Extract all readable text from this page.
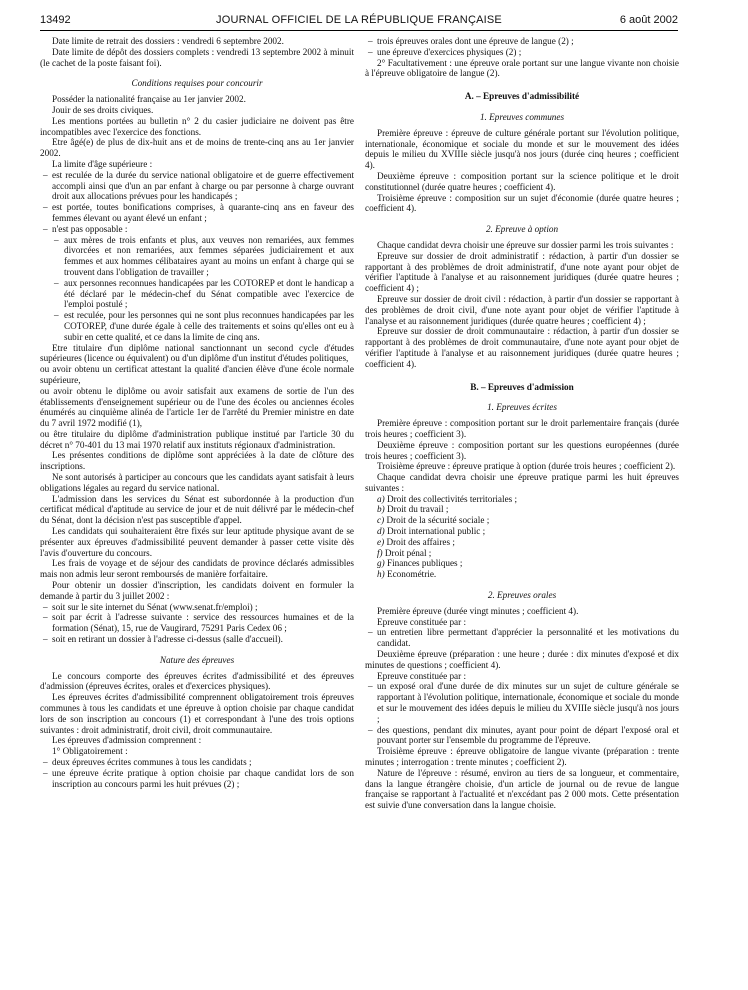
13492	JOURNAL OFFICIEL DE LA RÉPUBLIQUE FRANÇAISE	6 août 2002

Date limite de retrait des dossiers : vendredi 6 septembre 2002.

Date limite de dépôt des dossiers complets : vendredi 13 septembre 2002 à minuit (le cachet de la poste faisant foi).

Conditions requises pour concourir

Posséder la nationalité française au 1er janvier 2002.

Jouir de ses droits civiques.

Les mentions portées au bulletin n° 2 du casier judiciaire ne doivent pas être incompatibles avec l'exercice des fonctions.

Etre âgé(e) de plus de dix-huit ans et de moins de trente-cinq ans au 1er janvier 2002.

La limite d'âge supérieure :

– est reculée de la durée du service national obligatoire et de guerre effectivement accompli ainsi que d'un an par enfant à charge ou par personne à charge ouvrant droit aux allocations prévues pour les handicapés ;

– est portée, toutes bonifications comprises, à quarante-cinq ans en faveur des femmes élevant ou ayant élevé un enfant ;

– n'est pas opposable :

– aux mères de trois enfants et plus, aux veuves non remariées, aux femmes divorcées et non remariées, aux femmes séparées judiciairement et aux femmes et aux hommes célibataires ayant au moins un enfant à charge qui se trouvent dans l'obligation de travailler ;

– aux personnes reconnues handicapées par les COTOREP et dont le handicap a été déclaré par le médecin-chef du Sénat compatible avec l'exercice de l'emploi postulé ;

– est reculée, pour les personnes qui ne sont plus reconnues handicapées par les COTOREP, d'une durée égale à celle des traitements et soins qu'elles ont eu à subir en cette qualité, et ce dans la limite de cinq ans.

Etre titulaire d'un diplôme national sanctionnant un second cycle d'études supérieures (licence ou équivalent) ou d'un diplôme d'un institut d'études politiques,

ou avoir obtenu un certificat attestant la qualité d'ancien élève d'une école normale supérieure,

ou avoir obtenu le diplôme ou avoir satisfait aux examens de sortie de l'un des établissements d'enseignement supérieur ou de l'une des écoles ou anciennes écoles énumérés au cinquième alinéa de l'article 1er de l'arrêté du Premier ministre en date du 7 avril 1972 modifié (1),

ou être titulaire du diplôme d'administration publique institué par l'article 30 du décret n° 70-401 du 13 mai 1970 relatif aux instituts régionaux d'administration.

Les présentes conditions de diplôme sont appréciées à la date de clôture des inscriptions.

Ne sont autorisés à participer au concours que les candidats ayant satisfait à leurs obligations légales au regard du service national.

L'admission dans les services du Sénat est subordonnée à la production d'un certificat médical d'aptitude au service de jour et de nuit délivré par le médecin-chef du Sénat, dont la décision n'est pas susceptible d'appel.

Les candidats qui souhaiteraient être fixés sur leur aptitude physique avant de se présenter aux épreuves d'admissibilité peuvent demander à passer cette visite dès l'avis d'ouverture du concours.

Les frais de voyage et de séjour des candidats de province déclarés admissibles mais non admis leur seront remboursés de manière forfaitaire.

Pour obtenir un dossier d'inscription, les candidats doivent en formuler la demande à partir du 3 juillet 2002 :

– soit sur le site internet du Sénat (www.senat.fr/emploi) ;

– soit par écrit à l'adresse suivante : service des ressources humaines et de la formation (Sénat), 15, rue de Vaugirard, 75291 Paris Cedex 06 ;

– soit en retirant un dossier à l'adresse ci-dessus (salle d'accueil).

Nature des épreuves

Le concours comporte des épreuves écrites d'admissibilité et des épreuves d'admission (épreuves écrites, orales et d'exercices physiques).

Les épreuves écrites d'admissibilité comprennent obligatoirement trois épreuves communes à tous les candidats et une épreuve à option choisie par chaque candidat lors de son inscription au concours (1) et correspondant à l'une des trois options suivantes : droit administratif, droit civil, droit communautaire.

Les épreuves d'admission comprennent :

1° Obligatoirement :

– deux épreuves écrites communes à tous les candidats ;

– une épreuve écrite pratique à option choisie par chaque candidat lors de son inscription au concours parmi les huit prévues (2) ;

– trois épreuves orales dont une épreuve de langue (2) ;

– une épreuve d'exercices physiques (2) ;

2° Facultativement : une épreuve orale portant sur une langue vivante non choisie à l'épreuve obligatoire de langue (2).

A. – Epreuves d'admissibilité

1. Epreuves communes

Première épreuve : épreuve de culture générale portant sur l'évolution politique, internationale, économique et sociale du monde et sur le mouvement des idées depuis le milieu du XVIIIe siècle jusqu'à nos jours (durée cinq heures ; coefficient 4).

Deuxième épreuve : composition portant sur la science politique et le droit constitutionnel (durée quatre heures ; coefficient 4).

Troisième épreuve : composition sur un sujet d'économie (durée quatre heures ; coefficient 4).

2. Epreuve à option

Chaque candidat devra choisir une épreuve sur dossier parmi les trois suivantes :

Epreuve sur dossier de droit administratif : rédaction, à partir d'un dossier se rapportant à des problèmes de droit administratif, d'une note ayant pour objet de vérifier l'aptitude à l'analyse et au raisonnement juridiques (durée quatre heures ; coefficient 4) ;

Epreuve sur dossier de droit civil : rédaction, à partir d'un dossier se rapportant à des problèmes de droit civil, d'une note ayant pour objet de vérifier l'aptitude à l'analyse et au raisonnement juridiques (durée quatre heures ; coefficient 4) ;

Epreuve sur dossier de droit communautaire : rédaction, à partir d'un dossier se rapportant à des problèmes de droit communautaire, d'une note ayant pour objet de vérifier l'aptitude à l'analyse et au raisonnement juridiques (durée quatre heures ; coefficient 4).

B. – Epreuves d'admission

1. Epreuves écrites

Première épreuve : composition portant sur le droit parlementaire français (durée trois heures ; coefficient 3).

Deuxième épreuve : composition portant sur les questions européennes (durée trois heures ; coefficient 3).

Troisième épreuve : épreuve pratique à option (durée trois heures ; coefficient 2).

Chaque candidat devra choisir une épreuve pratique parmi les huit épreuves suivantes :

a) Droit des collectivités territoriales ;
b) Droit du travail ;
c) Droit de la sécurité sociale ;
d) Droit international public ;
e) Droit des affaires ;
f) Droit pénal ;
g) Finances publiques ;
h) Econométrie.

2. Epreuves orales

Première épreuve (durée vingt minutes ; coefficient 4).

Epreuve constituée par :

– un entretien libre permettant d'apprécier la personnalité et les motivations du candidat.

Deuxième épreuve (préparation : une heure ; durée : dix minutes d'exposé et dix minutes de questions ; coefficient 4).

Epreuve constituée par :

– un exposé oral d'une durée de dix minutes sur un sujet de culture générale se rapportant à l'évolution politique, internationale, économique et sociale du monde et sur le mouvement des idées depuis le milieu du XVIIIe siècle jusqu'à nos jours ;

– des questions, pendant dix minutes, ayant pour point de départ l'exposé oral et pouvant porter sur l'ensemble du programme de l'épreuve.

Troisième épreuve : épreuve obligatoire de langue vivante (préparation : trente minutes ; interrogation : trente minutes ; coefficient 2).

Nature de l'épreuve : résumé, environ au tiers de sa longueur, et commentaire, dans la langue étrangère choisie, d'un article de journal ou de revue de langue française se rapportant à l'actualité et n'excédant pas 2 000 mots. Cette présentation est suivie d'une conversation dans la langue choisie.
